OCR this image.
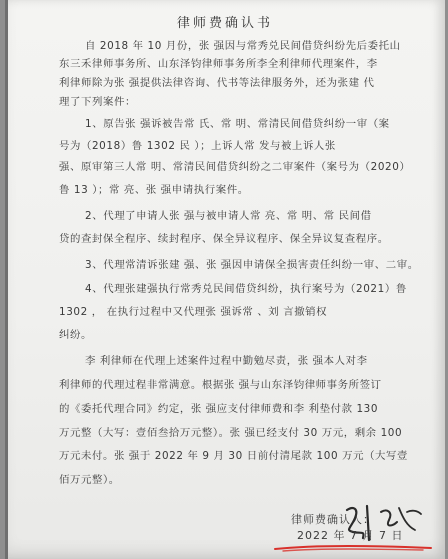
律师费确认书
自 2018 年 10 月份，张 强因与常秀兑民间借贷纠纷先后委托山
东三禾律师事务所、山东泽钧律师事务所李全利律师代理案件，李
利律师除为张 强提供法律咨询、代书等法律服务外，还为张建 代
理了下列案件：
1、原告张 强诉被告常 氏、常 明、常清民间借贷纠纷一审（案
号为（2018）鲁 1302 民 ）；上诉人常 发与被上诉人张
强、原审第三人常 明、常清民间借贷纠纷之二审案件（案号为（2020）
鲁 13 ）；常 亮、张 强申请执行案件。
2、代理了申请人张 强与被申请人常 亮、常 明、常 民间借
贷的查封保全程序、续封程序、保全异议程序、保全异议复查程序。
3、代理常清诉张建 强、张 强因申请保全损害责任纠纷一审、二审。
4、代理张建强执行常秀兑民间借贷纠纷，执行案号为（2021）鲁
1302 ， 在执行过程中又代理张 强诉常 、刘 言撤销权
纠纷。
李 利律师在代理上述案件过程中勤勉尽责，张 强本人对李
利律师的代理过程非常满意。根据张 强与山东泽钧律师事务所签订
的《委托代理合同》约定，张 强应支付律师费和李 利垫付款 130
万元整（大写：壹佰叁拾万元整）。张 强已经支付 30 万元，剩余 100
万元未付。张 强于 2022 年 9 月 30 日前付清尾款 100 万元（大写壹
佰万元整）。
律师费确认人：
2022 年 7 月 7 日
